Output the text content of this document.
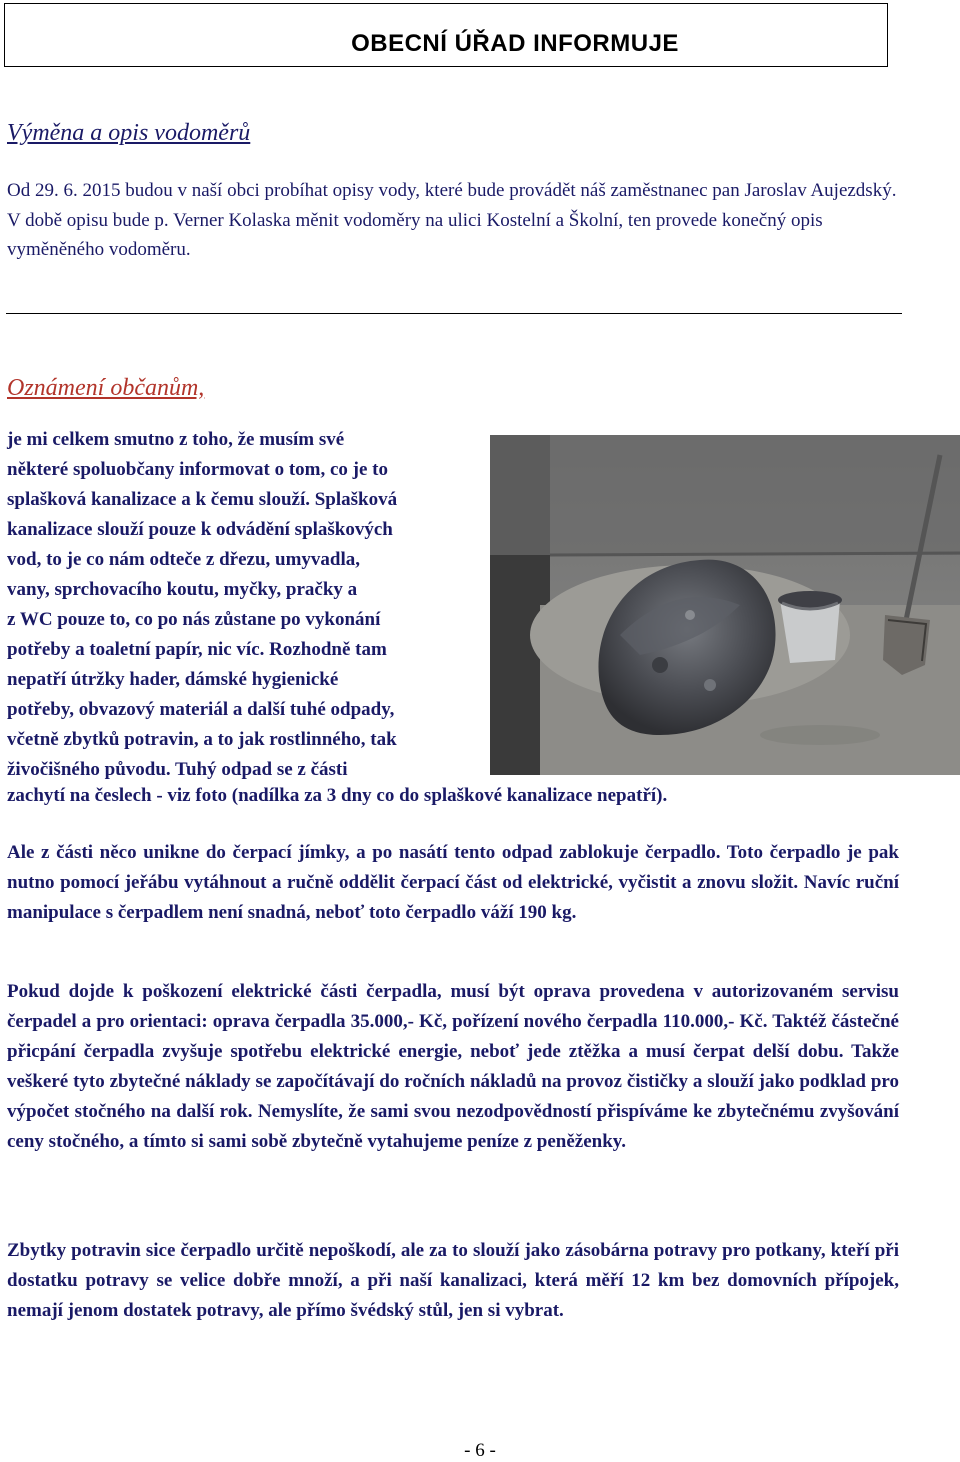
OBECNÍ ÚŘAD INFORMUJE
Výměna a opis vodoměrů
Od 29. 6. 2015 budou v naší obci probíhat opisy vody, které bude provádět náš zaměstnanec pan Jaroslav Aujezdský. V době opisu bude p. Verner Kolaska měnit vodoměry na ulici Kostelní a Školní, ten provede konečný opis vyměněného vodoměru.
Oznámení občanům,
je mi celkem smutno z toho, že musím své
některé spoluobčany informovat o tom, co je to
splašková kanalizace a k čemu slouží. Splašková
kanalizace slouží pouze k odvádění splaškových
vod, to je co nám odteče z dřezu, umyvadla,
vany, sprchovacího koutu, myčky, pračky a
z WC pouze to, co po nás zůstane po vykonání
potřeby a toaletní papír, nic víc. Rozhodně tam
nepatří útržky hader, dámské hygienické
potřeby, obvazový materiál a další tuhé odpady,
včetně zbytků potravin, a to jak rostlinného, tak
živočišného původu. Tuhý odpad se z části
zachytí na česlech - viz foto (nadílka za 3 dny co do splaškové kanalizace nepatří).
Ale z části něco unikne do čerpací jímky, a po nasátí tento odpad zablokuje čerpadlo. Toto čerpadlo je pak nutno pomocí jeřábu vytáhnout a ručně oddělit čerpací část od elektrické, vyčistit a znovu složit. Navíc ruční manipulace s čerpadlem není snadná, neboť toto čerpadlo váží 190 kg.
Pokud dojde k poškození elektrické části čerpadla, musí být oprava provedena v autorizovaném servisu čerpadel a pro orientaci: oprava čerpadla 35.000,- Kč, pořízení nového čerpadla 110.000,- Kč. Taktéž částečné přicpání čerpadla zvyšuje spotřebu elektrické energie, neboť jede ztěžka a musí čerpat delší dobu. Takže veškeré tyto zbytečné náklady se započítávají do ročních nákladů na provoz čističky a slouží jako podklad pro výpočet stočného na další rok. Nemyslíte, že sami svou nezodpovědností přispíváme ke zbytečnému zvyšování ceny stočného, a tímto si sami sobě zbytečně vytahujeme peníze z peněženky.
Zbytky potravin sice čerpadlo určitě nepoškodí, ale za to slouží jako zásobárna potravy pro potkany, kteří při dostatku potravy se velice dobře množí, a při naší kanalizaci, která měří 12 km bez domovních přípojek, nemají jenom dostatek potravy, ale přímo švédský stůl, jen si vybrat.
- 6 -
